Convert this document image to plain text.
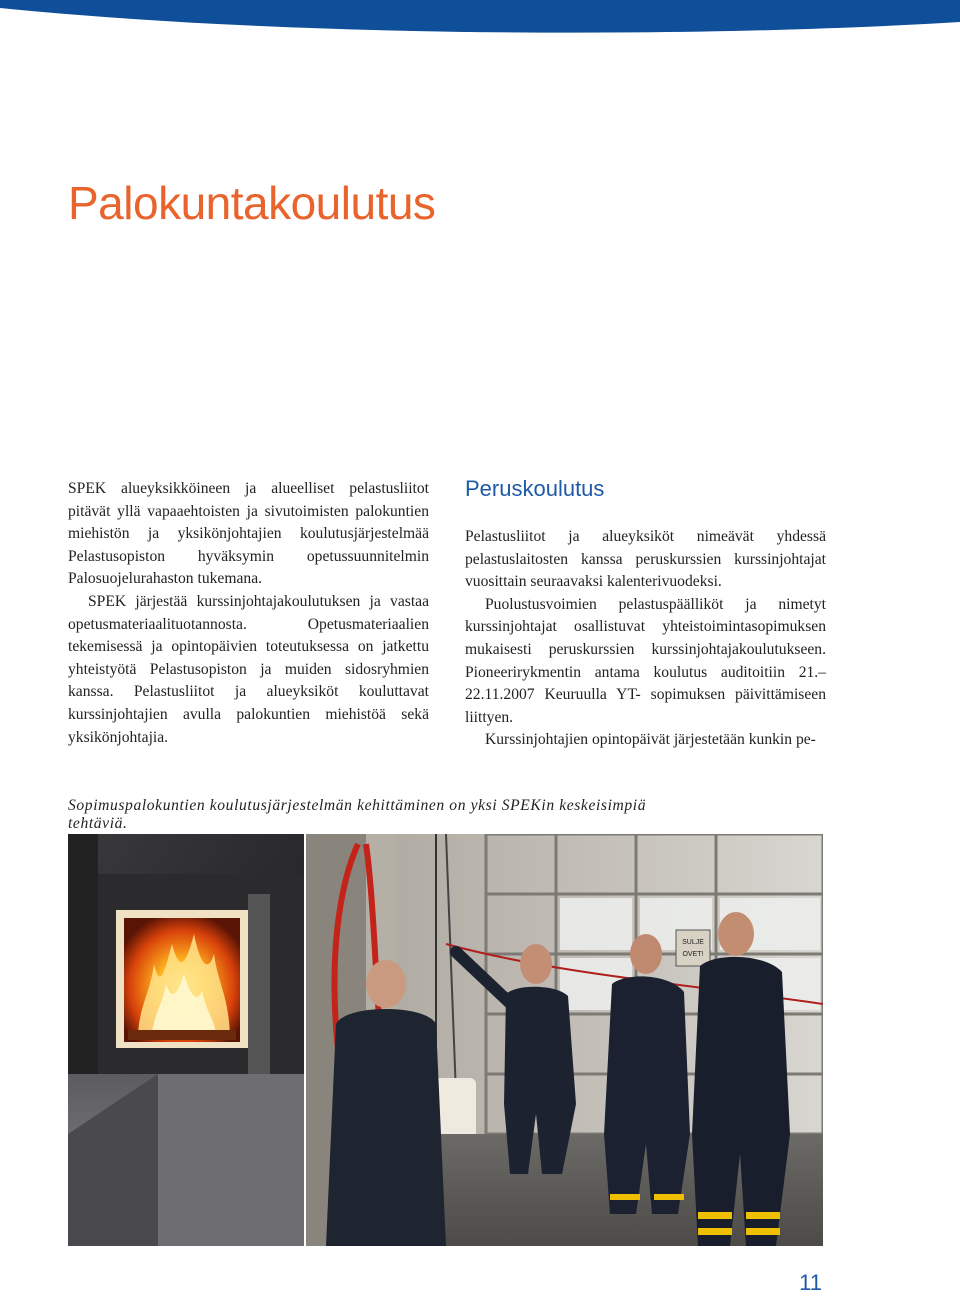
Palokuntakoulutus

SPEK alueyksikköineen ja alueelliset pelastusliitot pitävät yllä vapaaehtoisten ja sivutoimisten palokuntien miehistön ja yksikönjohtajien koulutusjärjestelmää Pelastusopiston hyväksymin opetussuunnitelmin Palosuojelurahaston tukemana.

SPEK järjestää kurssinjohtajakoulutuksen ja vastaa opetusmateriaalituotannosta. Opetusmateriaalien tekemisessä ja opintopäivien toteutuksessa on jatkettu yhteistyötä Pelastusopiston ja muiden sidosryhmien kanssa. Pelastusliitot ja alueyksiköt kouluttavat kurssinjohtajien avulla palokuntien miehistöä sekä yksikönjohtajia.

Peruskoulutus

Pelastusliitot ja alueyksiköt nimeävät yhdessä pelastuslaitosten kanssa peruskurssien kurssinjohtajat vuosittain seuraavaksi kalenterivuodeksi.

Puolustusvoimien pelastuspäälliköt ja nimetyt kurssinjohtajat osallistuvat yhteistoimintasopimuksen mukaisesti peruskurssien kurssinjohtajakoulutukseen. Pioneerirykmentin antama koulutus auditoitiin 21.–22.11.2007 Keuruulla YT- sopimuksen päivittämiseen liittyen.

Kurssinjohtajien opintopäivät järjestetään kunkin pe-

Sopimuspalokuntien koulutusjärjestelmän kehittäminen on yksi SPEKin keskeisimpiä tehtäviä.
SULJE
OVET!
11
